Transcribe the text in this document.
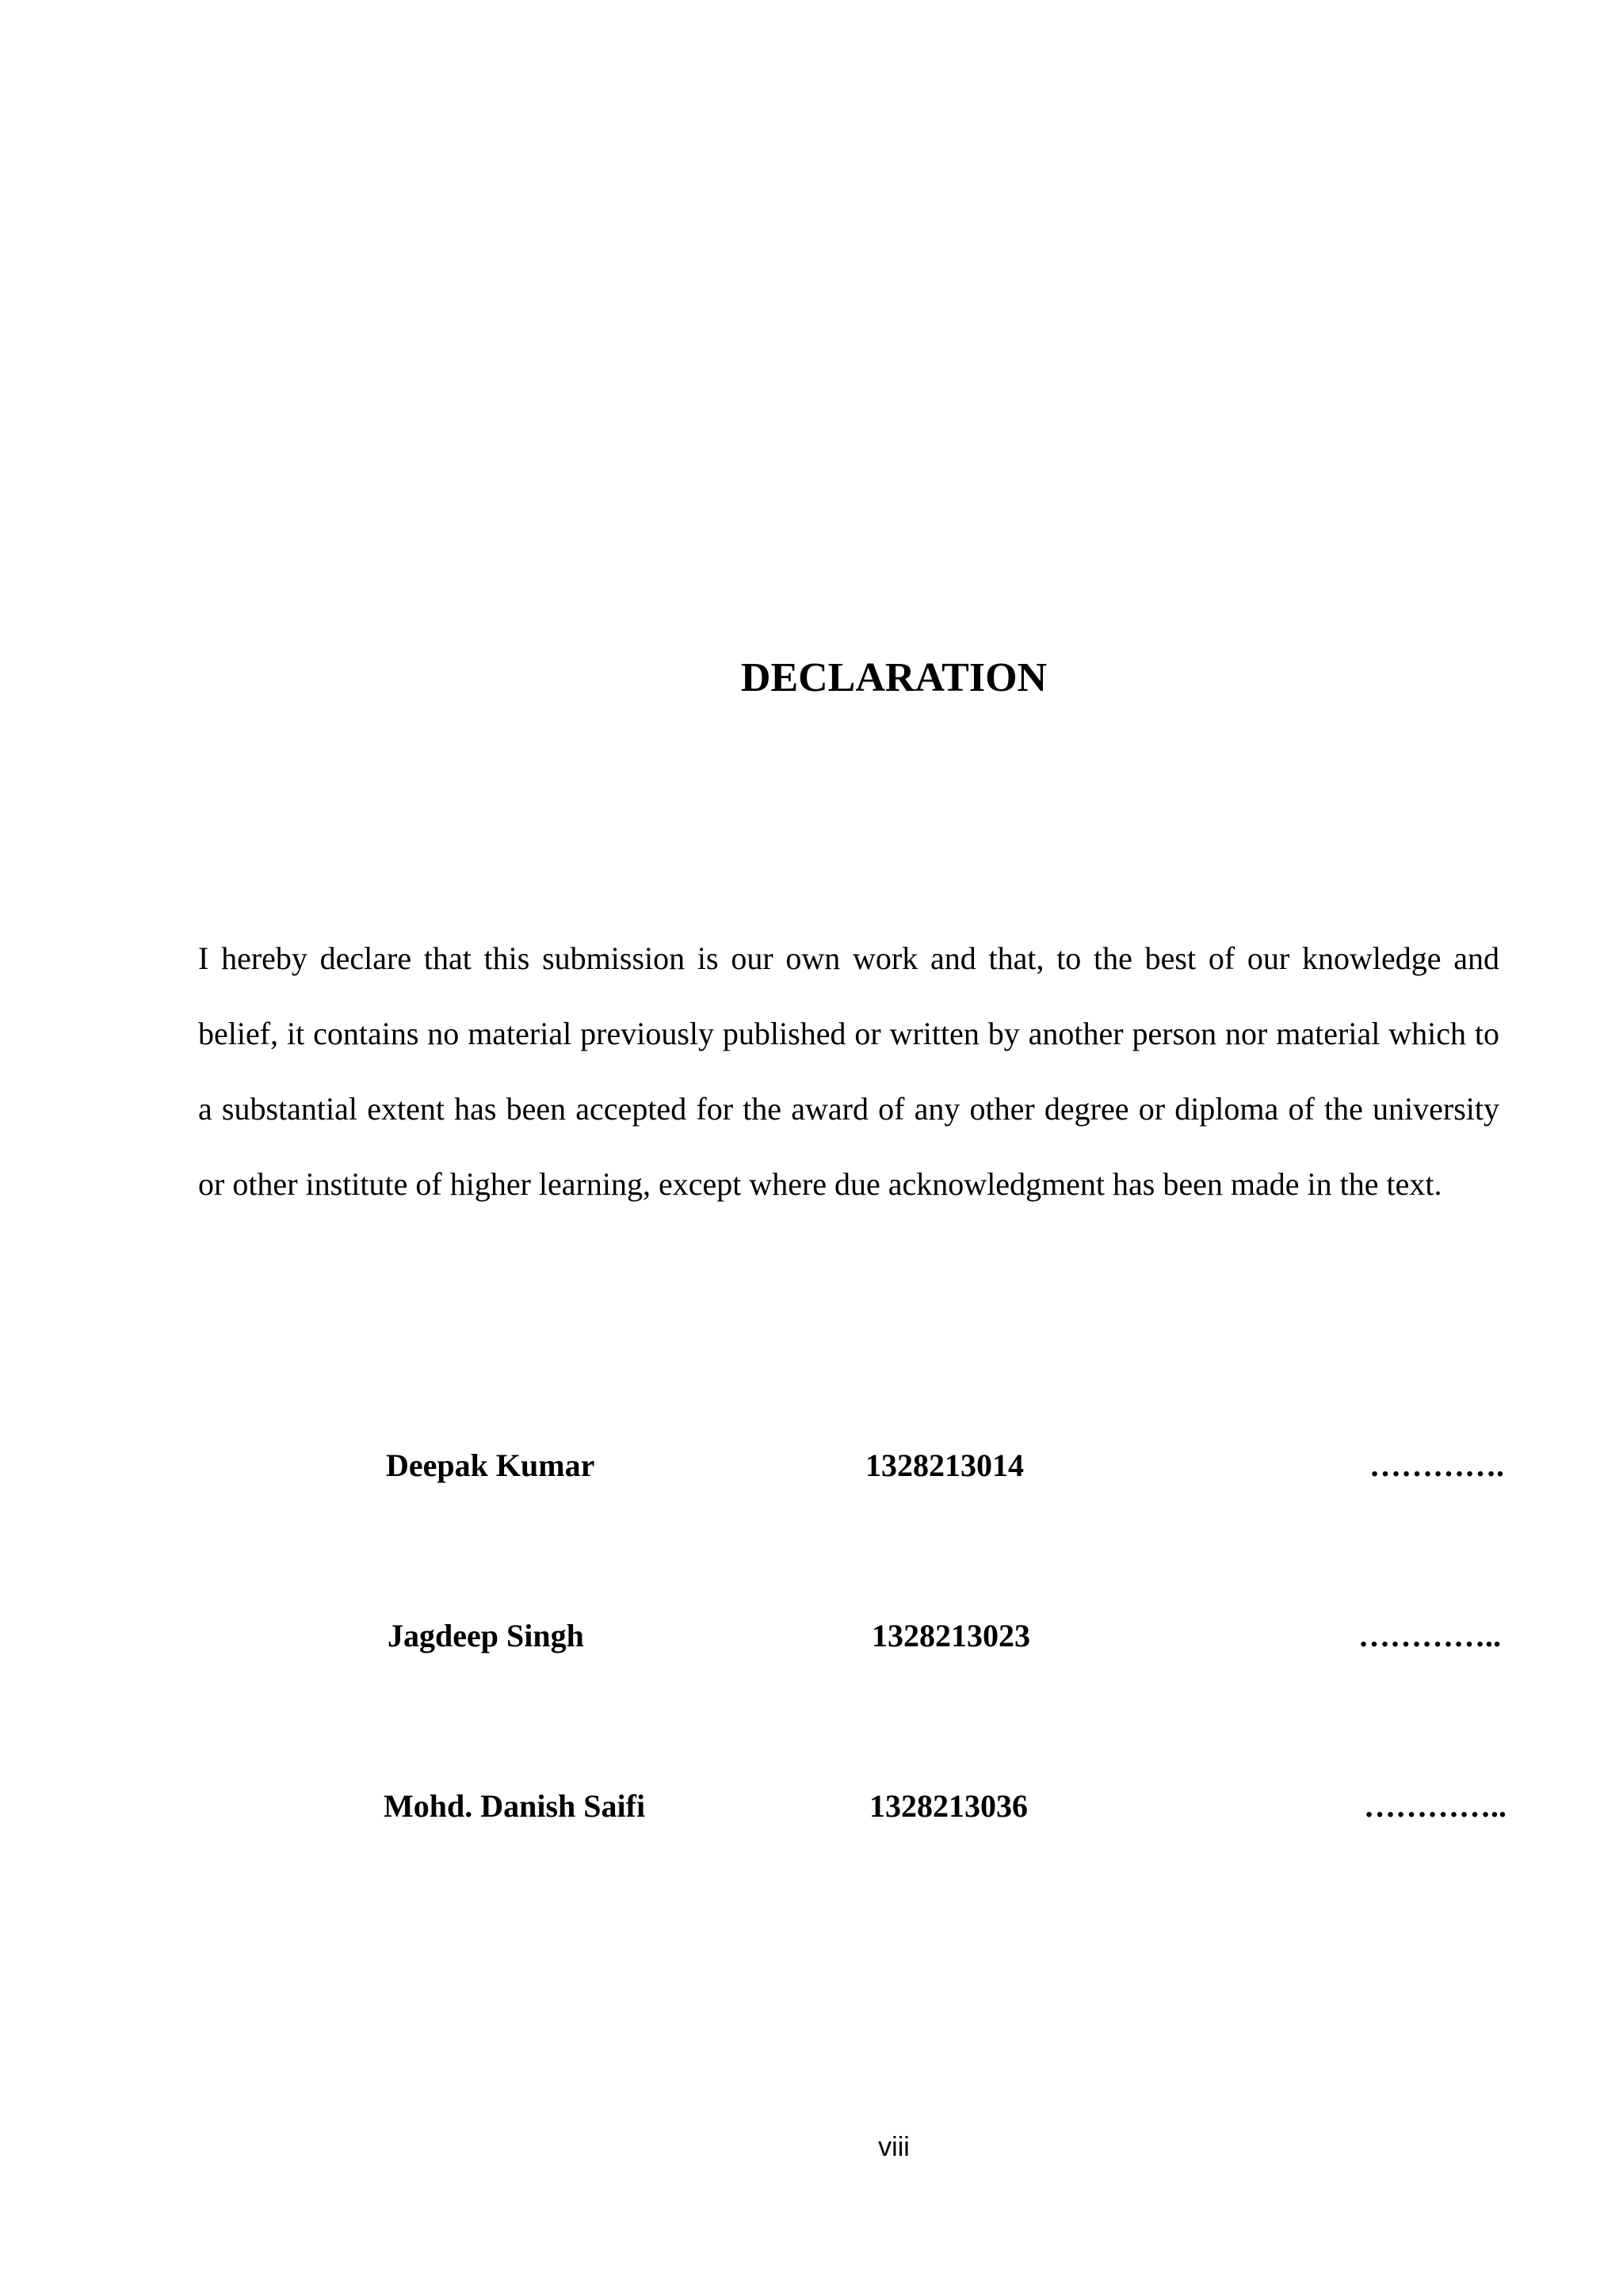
DECLARATION

I hereby declare that this submission is our own work and that, to the best of our knowledge and belief, it contains no material previously published or written by another person nor material which to a substantial extent has been accepted for the award of any other degree or diploma of the university or other institute of higher learning, except where due acknowledgment has been made in the text.

Deepak Kumar	1328213014	………….
Jagdeep Singh	1328213023	…………..
Mohd. Danish Saifi	1328213036	…………..
viii
